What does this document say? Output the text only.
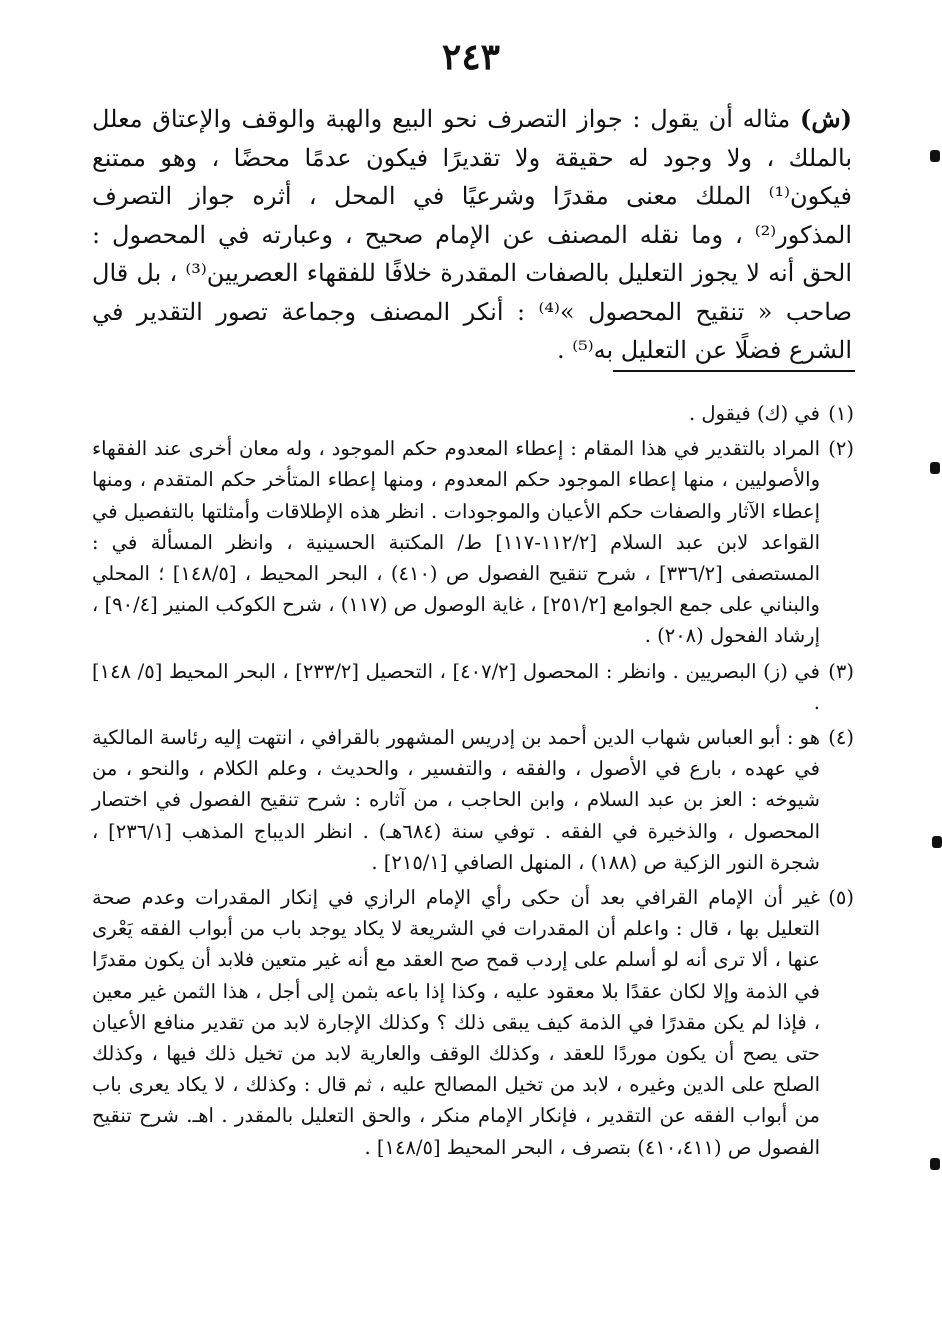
٢٤٣
(ش) مثاله أن يقول : جواز التصرف نحو البيع والهبة والوقف والإعتاق معلل بالملك ، ولا وجود له حقيقة ولا تقديرًا فيكون عدمًا محضًا ، وهو ممتنع فيكون⁽¹⁾ الملك معنى مقدرًا وشرعيًا في المحل ، أثره جواز التصرف المذكور⁽²⁾ ، وما نقله المصنف عن الإمام صحيح ، وعبارته في المحصول : الحق أنه لا يجوز التعليل بالصفات المقدرة خلافًا للفقهاء العصريين⁽³⁾ ، بل قال صاحب « تنقيح المحصول »⁽⁴⁾ : أنكر المصنف وجماعة تصور التقدير في الشرع فضلًا عن التعليل به⁽⁵⁾ .
(١)
في (ك) فيقول .
(٢)
المراد بالتقدير في هذا المقام : إعطاء المعدوم حكم الموجود ، وله معان أخرى عند الفقهاء والأصوليين ، منها إعطاء الموجود حكم المعدوم ، ومنها إعطاء المتأخر حكم المتقدم ، ومنها إعطاء الآثار والصفات حكم الأعيان والموجودات . انظر هذه الإطلاقات وأمثلتها بالتفصيل في القواعد لابن عبد السلام [١١٢/٢-١١٧] ط/ المكتبة الحسينية ، وانظر المسألة في : المستصفى [٣٣٦/٢] ، شرح تنقيح الفصول ص (٤١٠) ، البحر المحيط ، [١٤٨/٥] ؛ المحلي والبناني على جمع الجوامع [٢٥١/٢] ، غاية الوصول ص (١١٧) ، شرح الكوكب المنير [٩٠/٤] ، إرشاد الفحول (٢٠٨) .
(٣)
في (ز) البصريين . وانظر : المحصول [٤٠٧/٢] ، التحصيل [٢٣٣/٢] ، البحر المحيط [٥/ ١٤٨] .
(٤)
هو : أبو العباس شهاب الدين أحمد بن إدريس المشهور بالقرافي ، انتهت إليه رئاسة المالكية في عهده ، بارع في الأصول ، والفقه ، والتفسير ، والحديث ، وعلم الكلام ، والنحو ، من شيوخه : العز بن عبد السلام ، وابن الحاجب ، من آثاره : شرح تنقيح الفصول في اختصار المحصول ، والذخيرة في الفقه . توفي سنة (٦٨٤هـ) . انظر الديباج المذهب [٢٣٦/١] ، شجرة النور الزكية ص (١٨٨) ، المنهل الصافي [٢١٥/١] .
(٥)
غير أن الإمام القرافي بعد أن حكى رأي الإمام الرازي في إنكار المقدرات وعدم صحة التعليل بها ، قال : واعلم أن المقدرات في الشريعة لا يكاد يوجد باب من أبواب الفقه يَعْرى عنها ، ألا ترى أنه لو أسلم على إردب قمح صح العقد مع أنه غير متعين فلابد أن يكون مقدرًا في الذمة وإلا لكان عقدًا بلا معقود عليه ، وكذا إذا باعه بثمن إلى أجل ، هذا الثمن غير معين ، فإذا لم يكن مقدرًا في الذمة كيف يبقى ذلك ؟ وكذلك الإجارة لابد من تقدير منافع الأعيان حتى يصح أن يكون موردًا للعقد ، وكذلك الوقف والعارية لابد من تخيل ذلك فيها ، وكذلك الصلح على الدين وغيره ، لابد من تخيل المصالح عليه ، ثم قال : وكذلك ، لا يكاد يعرى باب من أبواب الفقه عن التقدير ، فإنكار الإمام منكر ، والحق التعليل بالمقدر . اهـ. شرح تنقيح الفصول ص (٤١٠،٤١١) بتصرف ، البحر المحيط [١٤٨/٥] .
